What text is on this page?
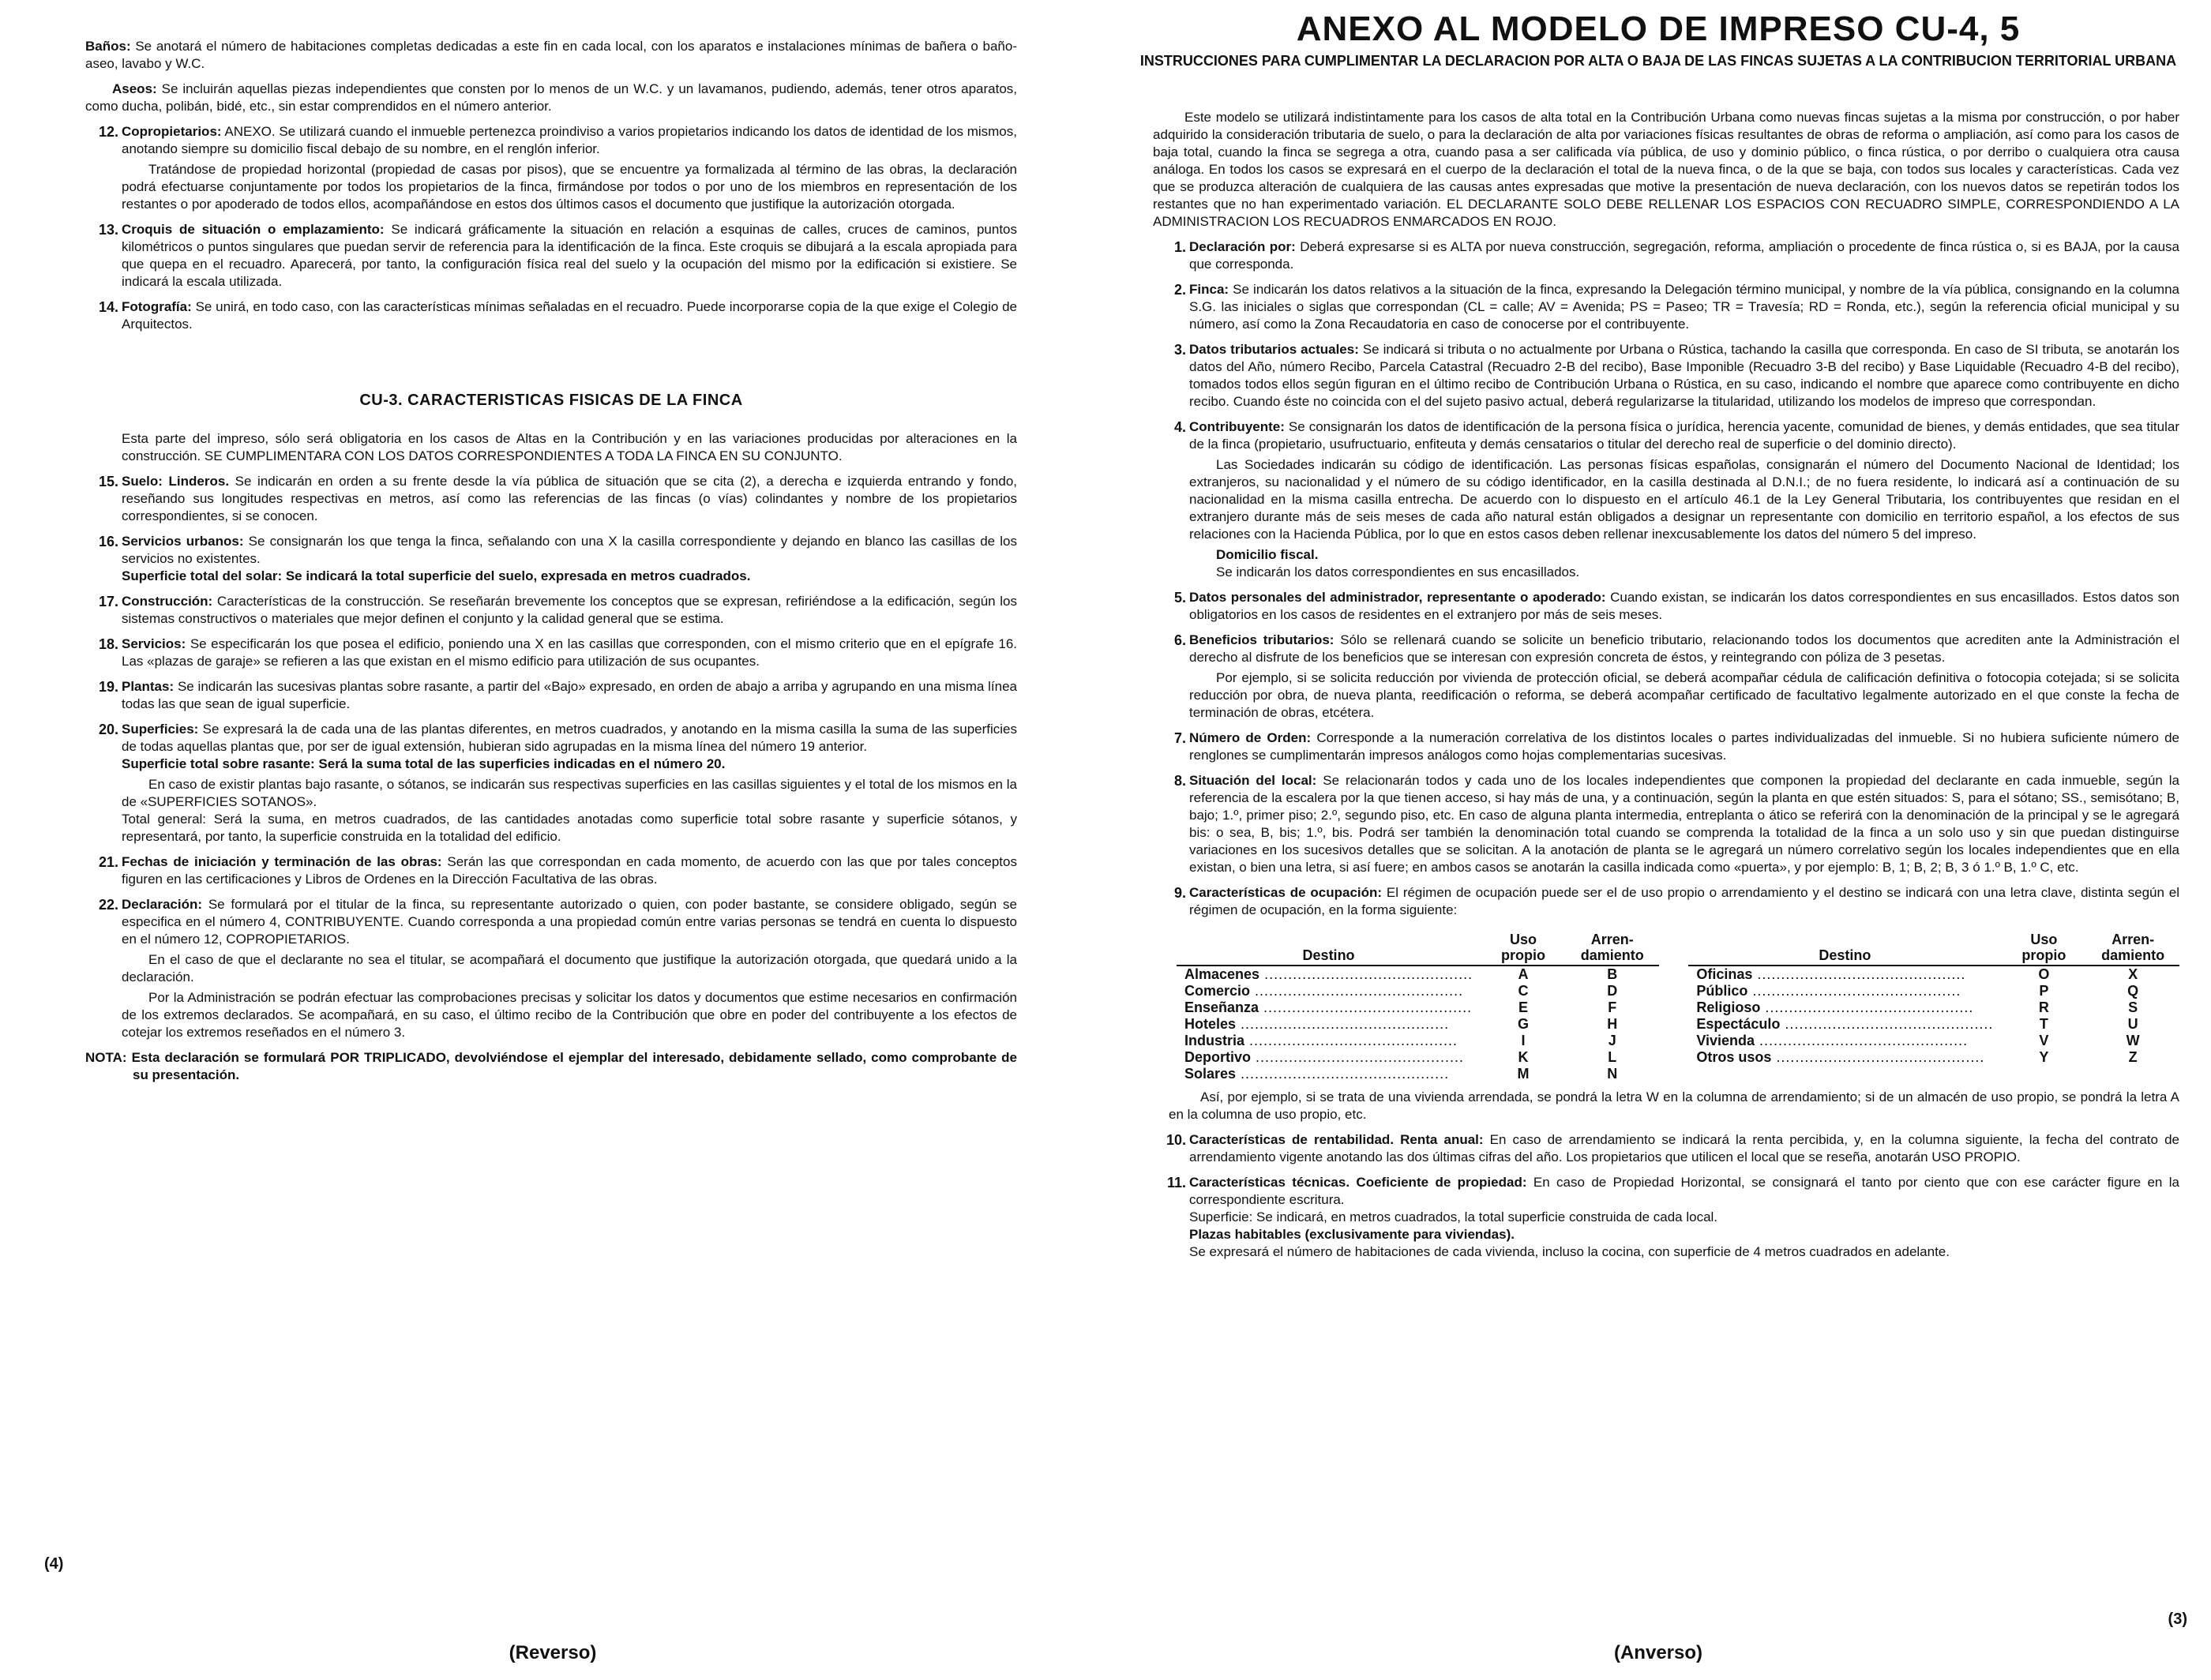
Baños: Se anotará el número de habitaciones completas dedicadas a este fin en cada local, con los aparatos e instalaciones mínimas de bañera o baño-aseo, lavabo y W.C.

Aseos: Se incluirán aquellas piezas independientes que consten por lo menos de un W.C. y un lavamanos, pudiendo, además, tener otros aparatos, como ducha, polibán, bidé, etc., sin estar comprendidos en el número anterior.

12. Copropietarios: ANEXO. Se utilizará cuando el inmueble pertenezca proindiviso a varios propietarios indicando los datos de identidad de los mismos, anotando siempre su domicilio fiscal debajo de su nombre, en el renglón inferior.
Tratándose de propiedad horizontal (propiedad de casas por pisos), que se encuentre ya formalizada al término de las obras, la declaración podrá efectuarse conjuntamente por todos los propietarios de la finca, firmándose por todos o por uno de los miembros en representación de los restantes o por apoderado de todos ellos, acompañándose en estos dos últimos casos el documento que justifique la autorización otorgada.
13. Croquis de situación o emplazamiento: Se indicará gráficamente la situación en relación a esquinas de calles, cruces de caminos, puntos kilométricos o puntos singulares que puedan servir de referencia para la identificación de la finca. Este croquis se dibujará a la escala apropiada para que quepa en el recuadro. Aparecerá, por tanto, la configuración física real del suelo y la ocupación del mismo por la edificación si existiere. Se indicará la escala utilizada.
14. Fotografía: Se unirá, en todo caso, con las características mínimas señaladas en el recuadro. Puede incorporarse copia de la que exige el Colegio de Arquitectos.
CU-3. CARACTERISTICAS FISICAS DE LA FINCA

Esta parte del impreso, sólo será obligatoria en los casos de Altas en la Contribución y en las variaciones producidas por alteraciones en la construcción. SE CUMPLIMENTARA CON LOS DATOS CORRESPONDIENTES A TODA LA FINCA EN SU CONJUNTO.

15. Suelo: Linderos. Se indicarán en orden a su frente desde la vía pública de situación que se cita (2), a derecha e izquierda entrando y fondo, reseñando sus longitudes respectivas en metros, así como las referencias de las fincas (o vías) colindantes y nombre de los propietarios correspondientes, si se conocen.
16. Servicios urbanos: Se consignarán los que tenga la finca, señalando con una X la casilla correspondiente y dejando en blanco las casillas de los servicios no existentes.
Superficie total del solar: Se indicará la total superficie del suelo, expresada en metros cuadrados.
17. Construcción: Características de la construcción. Se reseñarán brevemente los conceptos que se expresan, refiriéndose a la edificación, según los sistemas constructivos o materiales que mejor definen el conjunto y la calidad general que se estima.
18. Servicios: Se especificarán los que posea el edificio, poniendo una X en las casillas que corresponden, con el mismo criterio que en el epígrafe 16. Las «plazas de garaje» se refieren a las que existan en el mismo edificio para utilización de sus ocupantes.
19. Plantas: Se indicarán las sucesivas plantas sobre rasante, a partir del «Bajo» expresado, en orden de abajo a arriba y agrupando en una misma línea todas las que sean de igual superficie.
20. Superficies: Se expresará la de cada una de las plantas diferentes, en metros cuadrados, y anotando en la misma casilla la suma de las superficies de todas aquellas plantas que, por ser de igual extensión, hubieran sido agrupadas en la misma línea del número 19 anterior.
Superficie total sobre rasante: Será la suma total de las superficies indicadas en el número 20.
En caso de existir plantas bajo rasante, o sótanos, se indicarán sus respectivas superficies en las casillas siguientes y el total de los mismos en la de «SUPERFICIES SOTANOS».
Total general: Será la suma, en metros cuadrados, de las cantidades anotadas como superficie total sobre rasante y superficie sótanos, y representará, por tanto, la superficie construida en la totalidad del edificio.
21. Fechas de iniciación y terminación de las obras: Serán las que correspondan en cada momento, de acuerdo con las que por tales conceptos figuren en las certificaciones y Libros de Ordenes en la Dirección Facultativa de las obras.
22. Declaración: Se formulará por el titular de la finca, su representante autorizado o quien, con poder bastante, se considere obligado, según se especifica en el número 4, CONTRIBUYENTE. Cuando corresponda a una propiedad común entre varias personas se tendrá en cuenta lo dispuesto en el número 12, COPROPIETARIOS.
En el caso de que el declarante no sea el titular, se acompañará el documento que justifique la autorización otorgada, que quedará unido a la declaración.
Por la Administración se podrán efectuar las comprobaciones precisas y solicitar los datos y documentos que estime necesarios en confirmación de los extremos declarados. Se acompañará, en su caso, el último recibo de la Contribución que obre en poder del contribuyente a los efectos de cotejar los extremos reseñados en el número 3.
NOTA: Esta declaración se formulará POR TRIPLICADO, devolviéndose el ejemplar del interesado, debidamente sellado, como comprobante de su presentación.
(4)
(Reverso)
ANEXO AL MODELO DE IMPRESO CU-4, 5
INSTRUCCIONES PARA CUMPLIMENTAR LA DECLARACION POR ALTA O BAJA DE LAS FINCAS SUJETAS A LA CONTRIBUCION TERRITORIAL URBANA

Este modelo se utilizará indistintamente para los casos de alta total en la Contribución Urbana como nuevas fincas sujetas a la misma por construcción, o por haber adquirido la consideración tributaria de suelo, o para la declaración de alta por variaciones físicas resultantes de obras de reforma o ampliación, así como para los casos de baja total, cuando la finca se segrega a otra, cuando pasa a ser calificada vía pública, de uso y dominio público, o finca rústica, o por derribo o cualquiera otra causa análoga. En todos los casos se expresará en el cuerpo de la declaración el total de la nueva finca, o de la que se baja, con todos sus locales y características. Cada vez que se produzca alteración de cualquiera de las causas antes expresadas que motive la presentación de nueva declaración, con los nuevos datos se repetirán todos los restantes que no han experimentado variación. EL DECLARANTE SOLO DEBE RELLENAR LOS ESPACIOS CON RECUADRO SIMPLE, CORRESPONDIENDO A LA ADMINISTRACION LOS RECUADROS ENMARCADOS EN ROJO.

1. Declaración por: Deberá expresarse si es ALTA por nueva construcción, segregación, reforma, ampliación o procedente de finca rústica o, si es BAJA, por la causa que corresponda.
2. Finca: Se indicarán los datos relativos a la situación de la finca, expresando la Delegación término municipal, y nombre de la vía pública, consignando en la columna S.G. las iniciales o siglas que correspondan (CL = calle; AV = Avenida; PS = Paseo; TR = Travesía; RD = Ronda, etc.), según la referencia oficial municipal y su número, así como la Zona Recaudatoria en caso de conocerse por el contribuyente.
3. Datos tributarios actuales: Se indicará si tributa o no actualmente por Urbana o Rústica, tachando la casilla que corresponda. En caso de SI tributa, se anotarán los datos del Año, número Recibo, Parcela Catastral (Recuadro 2-B del recibo), Base Imponible (Recuadro 3-B del recibo) y Base Liquidable (Recuadro 4-B del recibo), tomados todos ellos según figuran en el último recibo de Contribución Urbana o Rústica, en su caso, indicando el nombre que aparece como contribuyente en dicho recibo. Cuando éste no coincida con el del sujeto pasivo actual, deberá regularizarse la titularidad, utilizando los modelos de impreso que correspondan.
4. Contribuyente: Se consignarán los datos de identificación de la persona física o jurídica, herencia yacente, comunidad de bienes, y demás entidades, que sea titular de la finca (propietario, usufructuario, enfiteuta y demás censatarios o titular del derecho real de superficie o del dominio directo).
Las Sociedades indicarán su código de identificación. Las personas físicas españolas, consignarán el número del Documento Nacional de Identidad; los extranjeros, su nacionalidad y el número de su código identificador, en la casilla destinada al D.N.I.; de no fuera residente, lo indicará así a continuación de su nacionalidad en la misma casilla entrecha. De acuerdo con lo dispuesto en el artículo 46.1 de la Ley General Tributaria, los contribuyentes que residan en el extranjero durante más de seis meses de cada año natural están obligados a designar un representante con domicilio en territorio español, a los efectos de sus relaciones con la Hacienda Pública, por lo que en estos casos deben rellenar inexcusablemente los datos del número 5 del impreso.
Domicilio fiscal.
Se indicarán los datos correspondientes en sus encasillados.
5. Datos personales del administrador, representante o apoderado: Cuando existan, se indicarán los datos correspondientes en sus encasillados. Estos datos son obligatorios en los casos de residentes en el extranjero por más de seis meses.
6. Beneficios tributarios: Sólo se rellenará cuando se solicite un beneficio tributario, relacionando todos los documentos que acrediten ante la Administración el derecho al disfrute de los beneficios que se interesan con expresión concreta de éstos, y reintegrando con póliza de 3 pesetas.
Por ejemplo, si se solicita reducción por vivienda de protección oficial, se deberá acompañar cédula de calificación definitiva o fotocopia cotejada; si se solicita reducción por obra, de nueva planta, reedificación o reforma, se deberá acompañar certificado de facultativo legalmente autorizado en el que conste la fecha de terminación de obras, etcétera.
7. Número de Orden: Corresponde a la numeración correlativa de los distintos locales o partes individualizadas del inmueble. Si no hubiera suficiente número de renglones se cumplimentarán impresos análogos como hojas complementarias sucesivas.
8. Situación del local: Se relacionarán todos y cada uno de los locales independientes que componen la propiedad del declarante en cada inmueble, según la referencia de la escalera por la que tienen acceso, si hay más de una, y a continuación, según la planta en que estén situados: S, para el sótano; SS., semisótano; B, bajo; 1.º, primer piso; 2.º, segundo piso, etc. En caso de alguna planta intermedia, entreplanta o ático se referirá con la denominación de la principal y se le agregará bis: o sea, B, bis; 1.º, bis. Podrá ser también la denominación total cuando se comprenda la totalidad de la finca a un solo uso y sin que puedan distinguirse variaciones en los sucesivos detalles que se solicitan. A la anotación de planta se le agregará un número correlativo según los locales independientes que en ella existan, o bien una letra, si así fuere; en ambos casos se anotarán la casilla indicada como «puerta», y por ejemplo: B, 1; B, 2; B, 3 ó 1.º B, 1.º C, etc.
9. Características de ocupación: El régimen de ocupación puede ser el de uso propio o arrendamiento y el destino se indicará con una letra clave, distinta según el régimen de ocupación, en la forma siguiente:
Destino	Uso propio	Arren-damiento		Destino	Uso propio	Arren-damiento
Almacenes .....	A	B		Oficinas .....	O	X
Comercio .....	C	D		Público .....	P	Q
Enseñanza .....	E	F		Religioso .....	R	S
Hoteles .....	G	H		Espectáculo .....	T	U
Industria .....	I	J		Vivienda .....	V	W
Deportivo .....	K	L		Otros usos .....	Y	Z
Solares .....	M	N				

Así, por ejemplo, si se trata de una vivienda arrendada, se pondrá la letra W en la columna de arrendamiento; si de un almacén de uso propio, se pondrá la letra A en la columna de uso propio, etc.

10. Características de rentabilidad. Renta anual: En caso de arrendamiento se indicará la renta percibida, y, en la columna siguiente, la fecha del contrato de arrendamiento vigente anotando las dos últimas cifras del año. Los propietarios que utilicen el local que se reseña, anotarán USO PROPIO.
11. Características técnicas. Coeficiente de propiedad: En caso de Propiedad Horizontal, se consignará el tanto por ciento que con ese carácter figure en la correspondiente escritura.
Superficie: Se indicará, en metros cuadrados, la total superficie construida de cada local.
Plazas habitables (exclusivamente para viviendas).
Se expresará el número de habitaciones de cada vivienda, incluso la cocina, con superficie de 4 metros cuadrados en adelante.
(3)
(Anverso)
